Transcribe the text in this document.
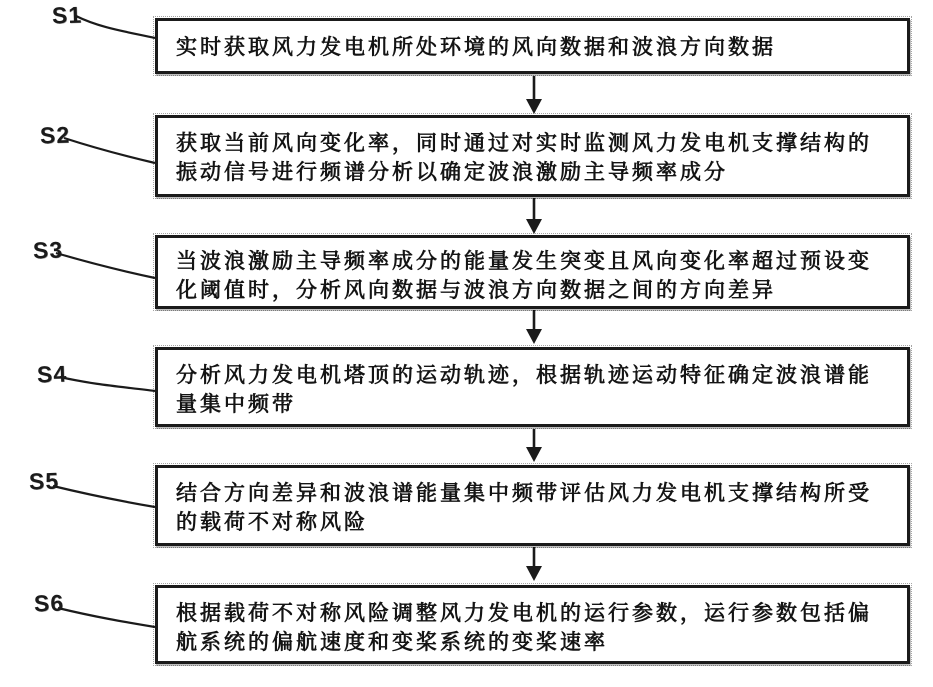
S1
S2
S3
S4
S5
S6
实时获取风力发电机所处环境的风向数据和波浪方向数据
获取当前风向变化率，同时通过对实时监测风力发电机支撑结构的
振动信号进行频谱分析以确定波浪激励主导频率成分
当波浪激励主导频率成分的能量发生突变且风向变化率超过预设变
化阈值时，分析风向数据与波浪方向数据之间的方向差异
分析风力发电机塔顶的运动轨迹，根据轨迹运动特征确定波浪谱能
量集中频带
结合方向差异和波浪谱能量集中频带评估风力发电机支撑结构所受
的载荷不对称风险
根据载荷不对称风险调整风力发电机的运行参数，运行参数包括偏
航系统的偏航速度和变桨系统的变桨速率
